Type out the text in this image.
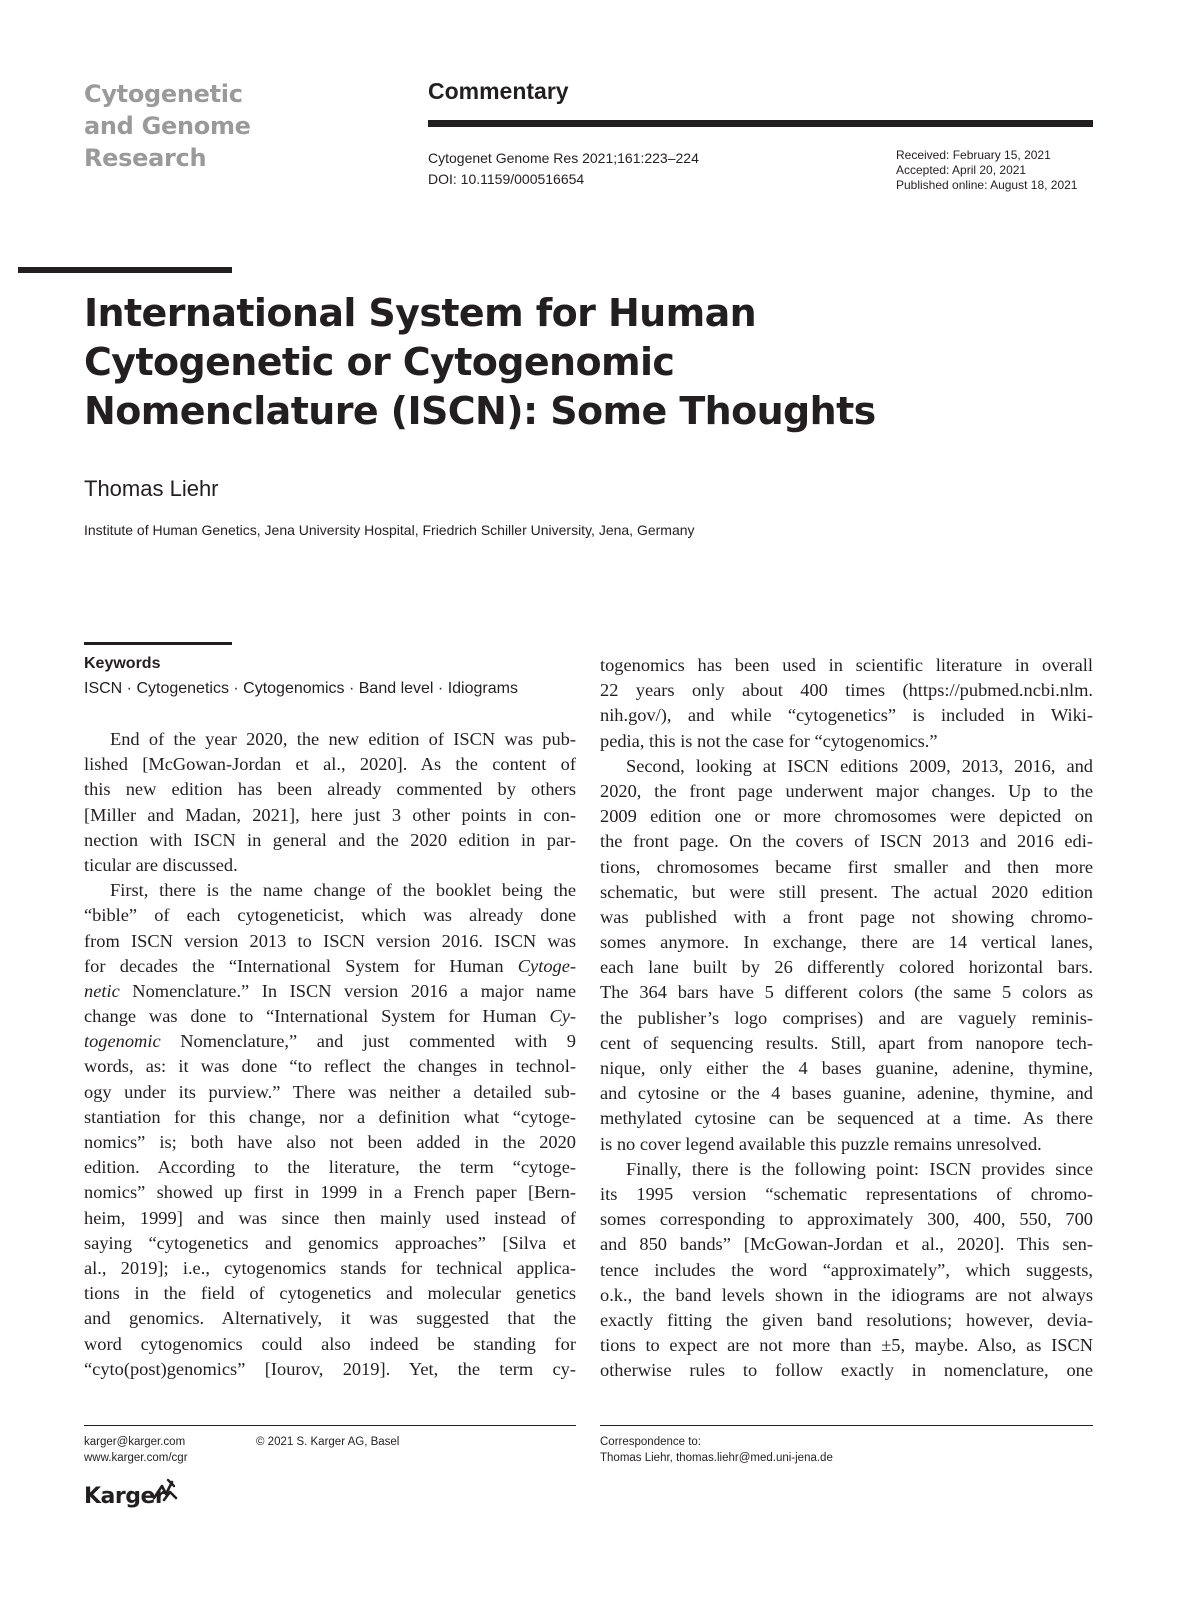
Cytogenetic
and Genome
Research
Commentary
Cytogenet Genome Res 2021;161:223–224
DOI: 10.1159/000516654
Received: February 15, 2021
Accepted: April 20, 2021
Published online: August 18, 2021
International System for Human
Cytogenetic or Cytogenomic
Nomenclature (ISCN): Some Thoughts
Thomas Liehr
Institute of Human Genetics, Jena University Hospital, Friedrich Schiller University, Jena, Germany
Keywords
ISCN · Cytogenetics · Cytogenomics · Band level · Idiograms
End of the year 2020, the new edition of ISCN was pub-
lished [McGowan-Jordan et al., 2020]. As the content of
this new edition has been already commented by others
[Miller and Madan, 2021], here just 3 other points in con-
nection with ISCN in general and the 2020 edition in par-
ticular are discussed.
First, there is the name change of the booklet being the
“bible” of each cytogeneticist, which was already done
from ISCN version 2013 to ISCN version 2016. ISCN was
for decades the “International System for Human Cytoge-
netic Nomenclature.” In ISCN version 2016 a major name
change was done to “International System for Human Cy-
togenomic Nomenclature,” and just commented with 9
words, as: it was done “to reflect the changes in technol-
ogy under its purview.” There was neither a detailed sub-
stantiation for this change, nor a definition what “cytoge-
nomics” is; both have also not been added in the 2020
edition. According to the literature, the term “cytoge-
nomics” showed up first in 1999 in a French paper [Bern-
heim, 1999] and was since then mainly used instead of
saying “cytogenetics and genomics approaches” [Silva et
al., 2019]; i.e., cytogenomics stands for technical applica-
tions in the field of cytogenetics and molecular genetics
and genomics. Alternatively, it was suggested that the
word cytogenomics could also indeed be standing for
“cyto(post)genomics” [Iourov, 2019]. Yet, the term cy-
togenomics has been used in scientific literature in overall
22 years only about 400 times (https://pubmed.ncbi.nlm.
nih.gov/), and while “cytogenetics” is included in Wiki-
pedia, this is not the case for “cytogenomics.”
Second, looking at ISCN editions 2009, 2013, 2016, and
2020, the front page underwent major changes. Up to the
2009 edition one or more chromosomes were depicted on
the front page. On the covers of ISCN 2013 and 2016 edi-
tions, chromosomes became first smaller and then more
schematic, but were still present. The actual 2020 edition
was published with a front page not showing chromo-
somes anymore. In exchange, there are 14 vertical lanes,
each lane built by 26 differently colored horizontal bars.
The 364 bars have 5 different colors (the same 5 colors as
the publisher’s logo comprises) and are vaguely reminis-
cent of sequencing results. Still, apart from nanopore tech-
nique, only either the 4 bases guanine, adenine, thymine,
and cytosine or the 4 bases guanine, adenine, thymine, and
methylated cytosine can be sequenced at a time. As there
is no cover legend available this puzzle remains unresolved.
Finally, there is the following point: ISCN provides since
its 1995 version “schematic representations of chromo-
somes corresponding to approximately 300, 400, 550, 700
and 850 bands” [McGowan-Jordan et al., 2020]. This sen-
tence includes the word “approximately”, which suggests,
o.k., the band levels shown in the idiograms are not always
exactly fitting the given band resolutions; however, devia-
tions to expect are not more than ±5, maybe. Also, as ISCN
otherwise rules to follow exactly in nomenclature, one
karger@karger.com
www.karger.com/cgr
© 2021 S. Karger AG, Basel	Correspondence to:
Thomas Liehr, thomas.liehr@med.uni-jena.de
Karger
